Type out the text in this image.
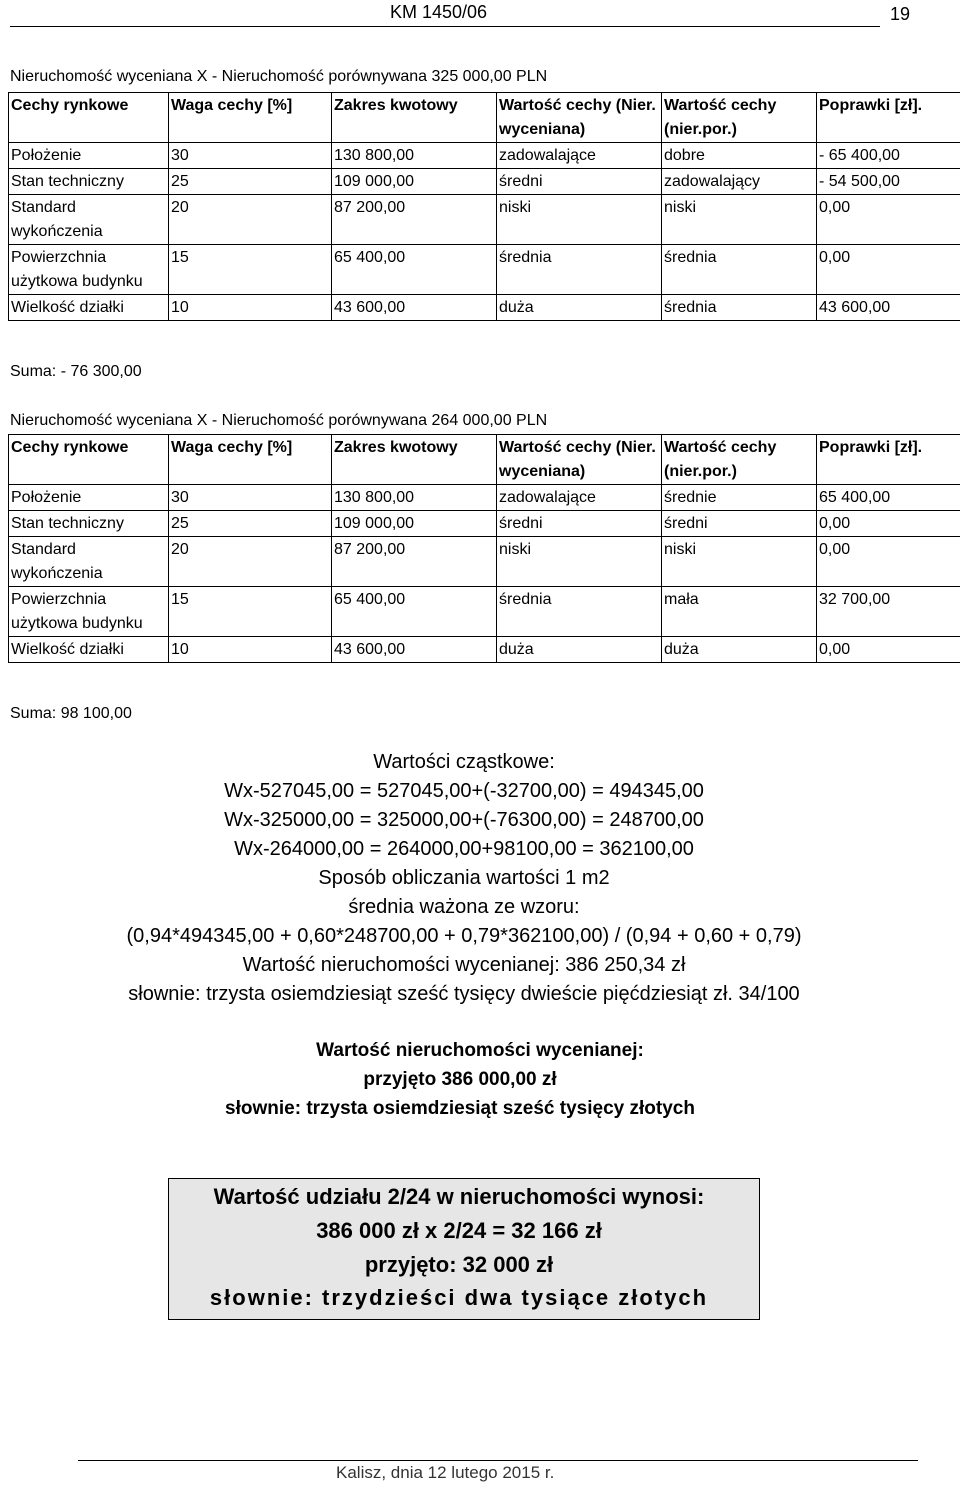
KM 1450/06	19
Nieruchomość wyceniana X - Nieruchomość porównywana 325 000,00 PLN
Cechy rynkowe	Waga cechy [%]	Zakres kwotowy	Wartość cechy (Nier. wyceniana)	Wartość cechy (nier.por.)	Poprawki [zł].
Położenie	30	130 800,00	zadowalające	dobre	- 65 400,00
Stan techniczny	25	109 000,00	średni	zadowalający	- 54 500,00
Standard wykończenia	20	87 200,00	niski	niski	0,00
Powierzchnia użytkowa budynku	15	65 400,00	średnia	średnia	0,00
Wielkość działki	10	43 600,00	duża	średnia	43 600,00
Suma: - 76 300,00
Nieruchomość wyceniana X - Nieruchomość porównywana 264 000,00 PLN
Cechy rynkowe	Waga cechy [%]	Zakres kwotowy	Wartość cechy (Nier. wyceniana)	Wartość cechy (nier.por.)	Poprawki [zł].
Położenie	30	130 800,00	zadowalające	średnie	65 400,00
Stan techniczny	25	109 000,00	średni	średni	0,00
Standard wykończenia	20	87 200,00	niski	niski	0,00
Powierzchnia użytkowa budynku	15	65 400,00	średnia	mała	32 700,00
Wielkość działki	10	43 600,00	duża	duża	0,00
Suma: 98 100,00
Wartości cząstkowe:
Wx-527045,00 = 527045,00+(-32700,00) = 494345,00
Wx-325000,00 = 325000,00+(-76300,00) = 248700,00
Wx-264000,00 = 264000,00+98100,00 = 362100,00
Sposób obliczania wartości 1 m2
średnia ważona ze wzoru:
(0,94*494345,00 + 0,60*248700,00 + 0,79*362100,00) / (0,94 + 0,60 + 0,79)
Wartość nieruchomości wycenianej: 386 250,34 zł
słownie: trzysta osiemdziesiąt sześć tysięcy dwieście pięćdziesiąt zł. 34/100
Wartość nieruchomości wycenianej:
przyjęto 386 000,00 zł
słownie: trzysta osiemdziesiąt sześć tysięcy złotych
Wartość udziału 2/24 w nieruchomości wynosi:
386 000 zł x 2/24 = 32 166 zł
przyjęto: 32 000 zł
słownie: trzydzieści dwa tysiące złotych
Kalisz, dnia 12 lutego 2015 r.
